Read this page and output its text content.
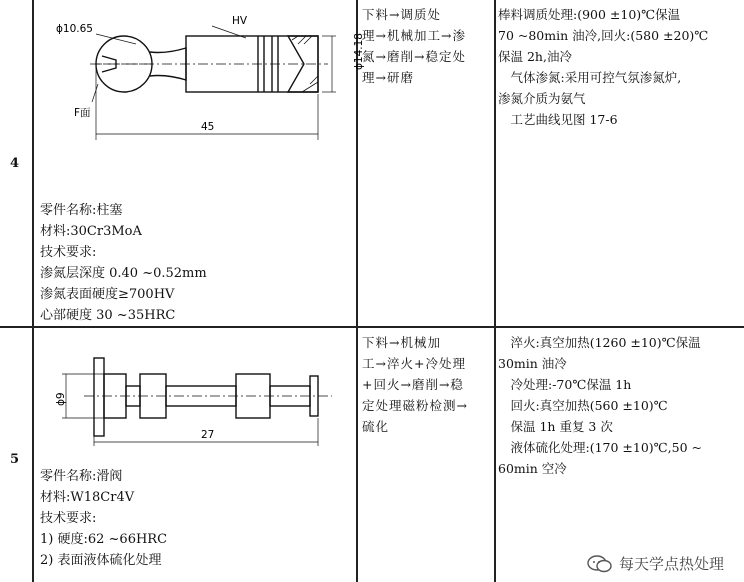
4
ϕ10.65
HV
ϕ14.18
F面
45
零件名称:柱塞
材料:30Cr3MoA
技术要求:
渗氮层深度 0.40 ~0.52mm
渗氮表面硬度≥700HV
心部硬度 30 ~35HRC
下料→调质处
理→机械加工→渗
氮→磨削→稳定处
理→研磨
棒料调质处理:(900 ±10)℃保温
70 ~80min 油冷,回火:(580 ±20)℃
保温 2h,油冷
　气体渗氮:采用可控气氛渗氮炉,
渗氮介质为氨气
　工艺曲线见图 17-6
5
ϕ9
27
零件名称:滑阀
材料:W18Cr4V
技术要求:
1) 硬度:62 ~66HRC
2) 表面液体硫化处理
下料→机械加
工→淬火+冷处理
+回火→磨削→稳
定处理磁粉检测→
硫化
　淬火:真空加热(1260 ±10)℃保温
30min 油冷
　冷处理:-70℃保温 1h
　回火:真空加热(560 ±10)℃
　保温 1h 重复 3 次
　液体硫化处理:(170 ±10)℃,50 ~
60min 空冷
每天学点热处理
